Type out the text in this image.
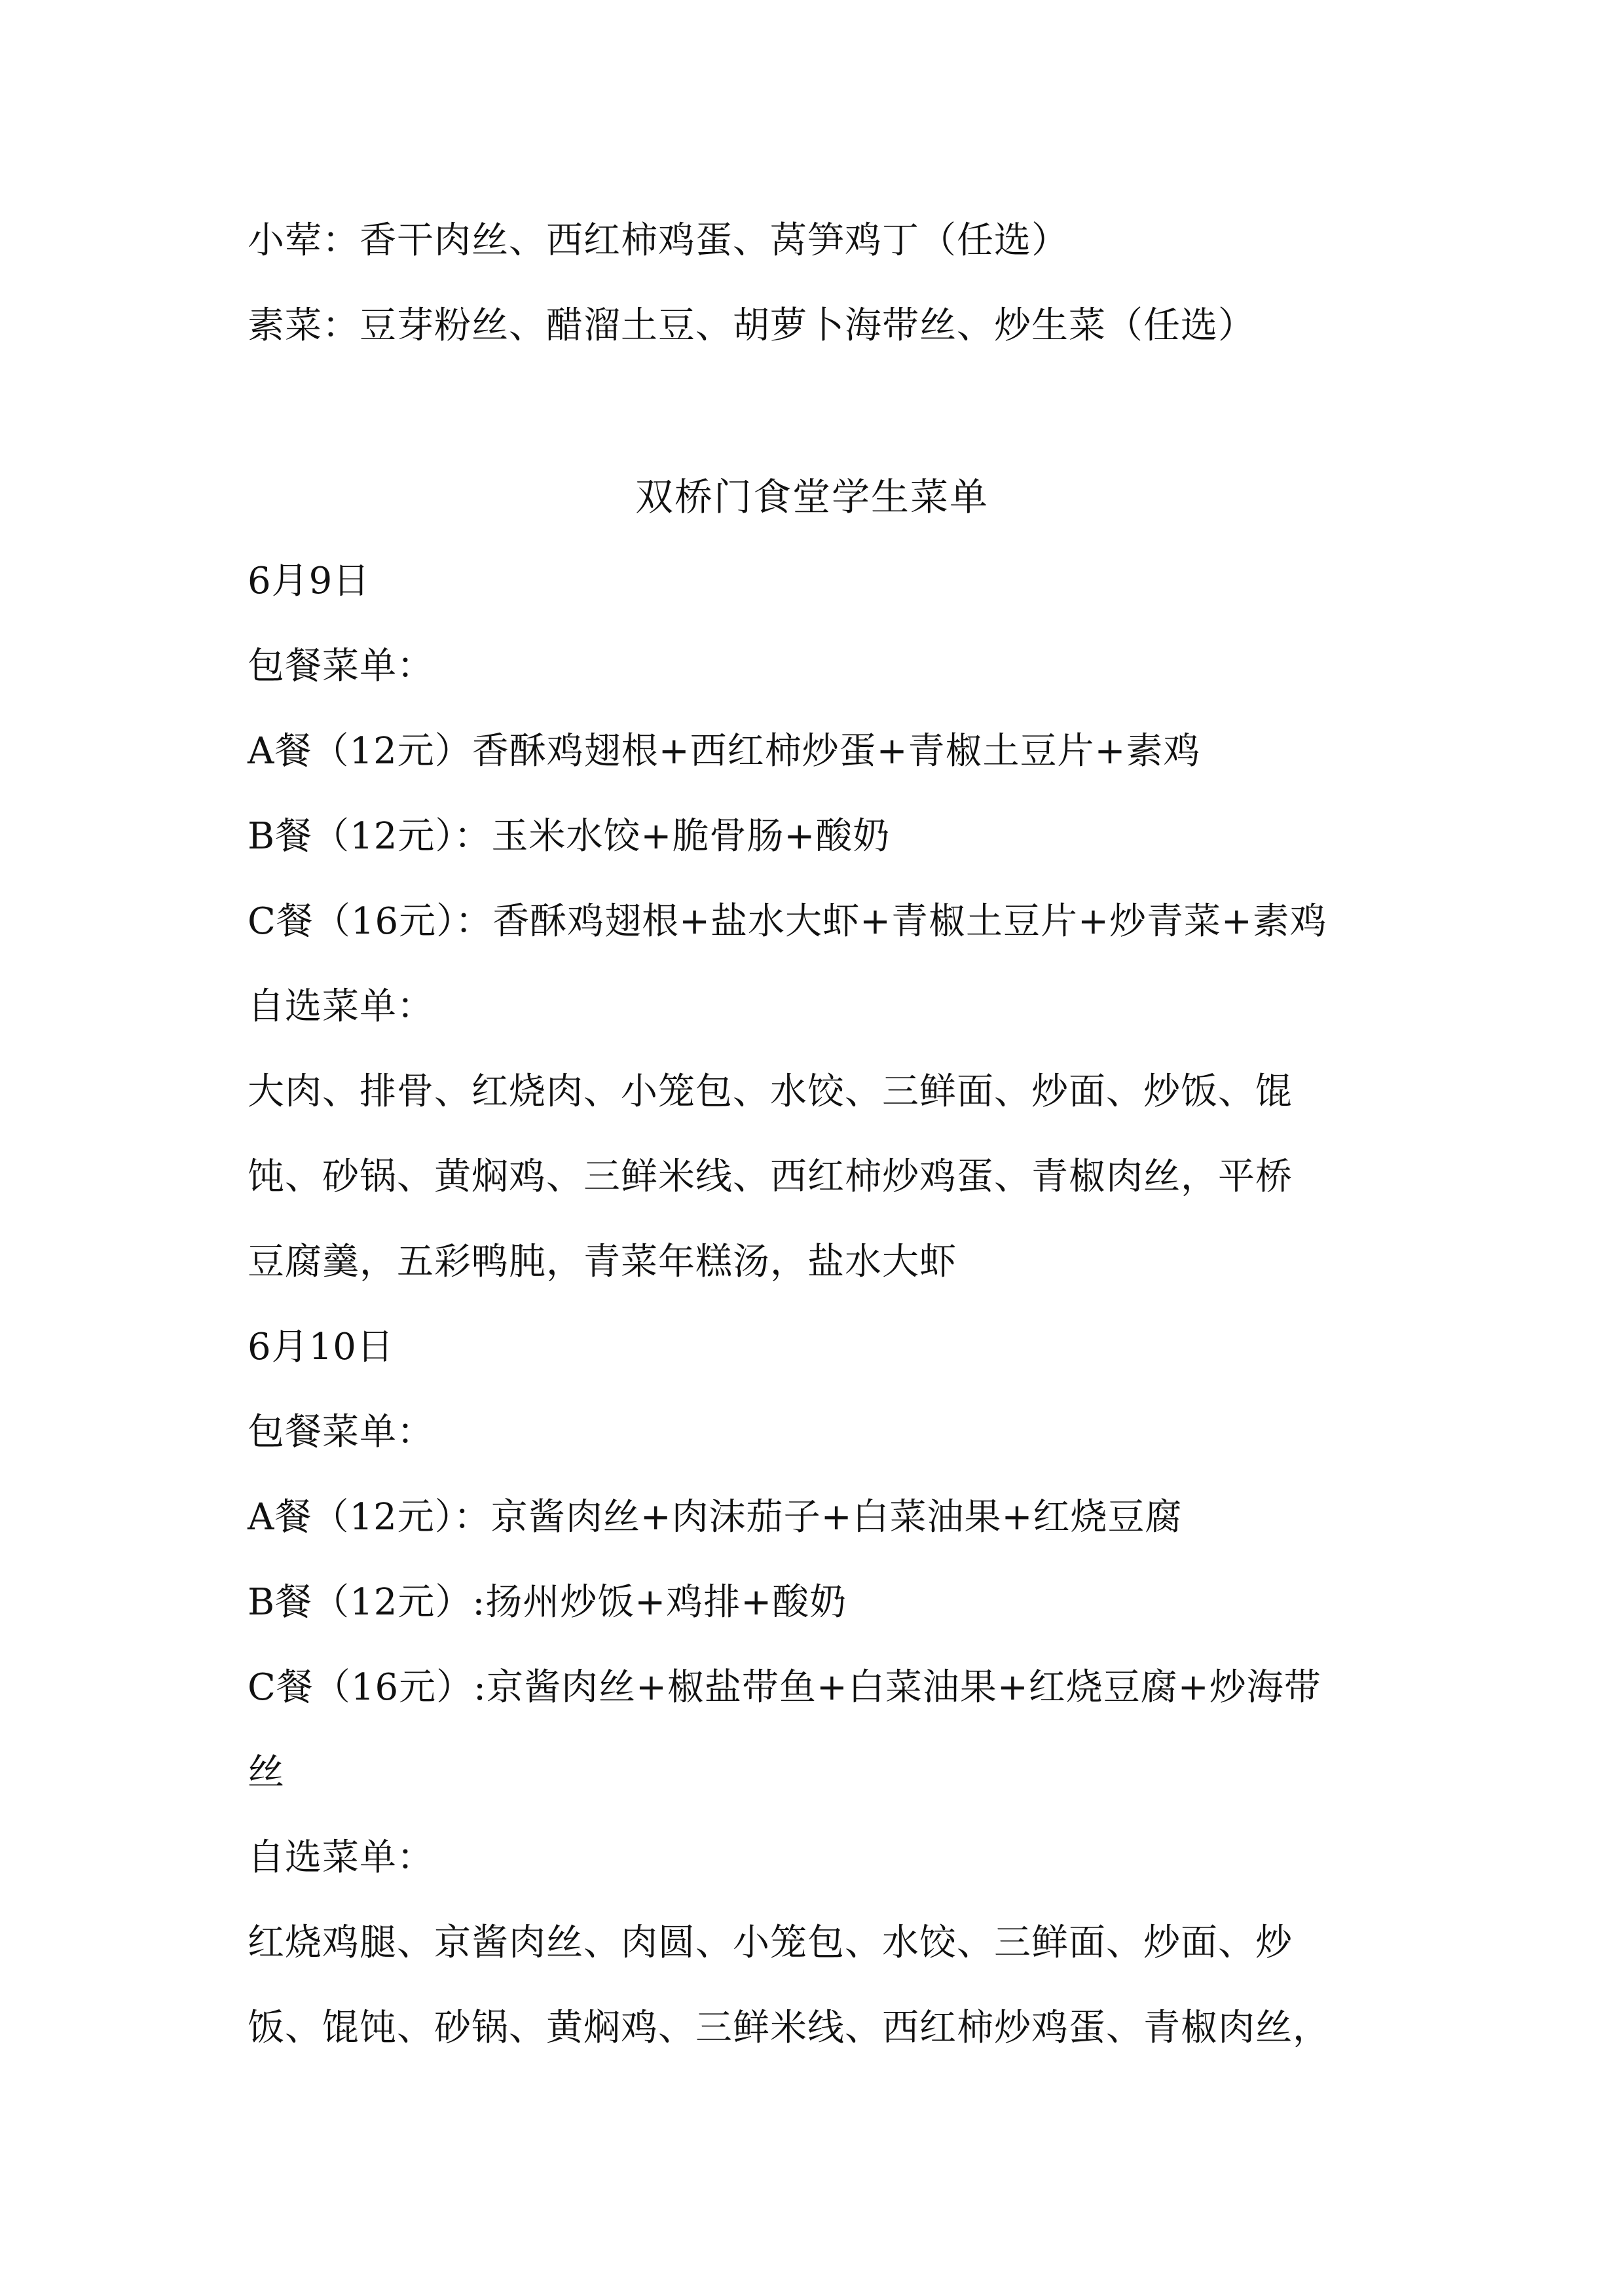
小荤：香干肉丝、西红柿鸡蛋、莴笋鸡丁（任选）
素菜：豆芽粉丝、醋溜土豆、胡萝卜海带丝、炒生菜（任选）
双桥门食堂学生菜单
6月9日
包餐菜单：
A餐（12元）香酥鸡翅根+西红柿炒蛋+青椒土豆片+素鸡
B餐（12元）：玉米水饺+脆骨肠+酸奶
C餐（16元）：香酥鸡翅根+盐水大虾+青椒土豆片+炒青菜+素鸡
自选菜单：
大肉、排骨、红烧肉、小笼包、水饺、三鲜面、炒面、炒饭、馄
饨、砂锅、黄焖鸡、三鲜米线、西红柿炒鸡蛋、青椒肉丝，平桥
豆腐羹，五彩鸭肫，青菜年糕汤，盐水大虾
6月10日
包餐菜单：
A餐（12元）：京酱肉丝+肉沫茄子+白菜油果+红烧豆腐
B餐（12元）:扬州炒饭+鸡排+酸奶
C餐（16元）:京酱肉丝+椒盐带鱼+白菜油果+红烧豆腐+炒海带
丝
自选菜单：
红烧鸡腿、京酱肉丝、肉圆、小笼包、水饺、三鲜面、炒面、炒
饭、馄饨、砂锅、黄焖鸡、三鲜米线、西红柿炒鸡蛋、青椒肉丝，
